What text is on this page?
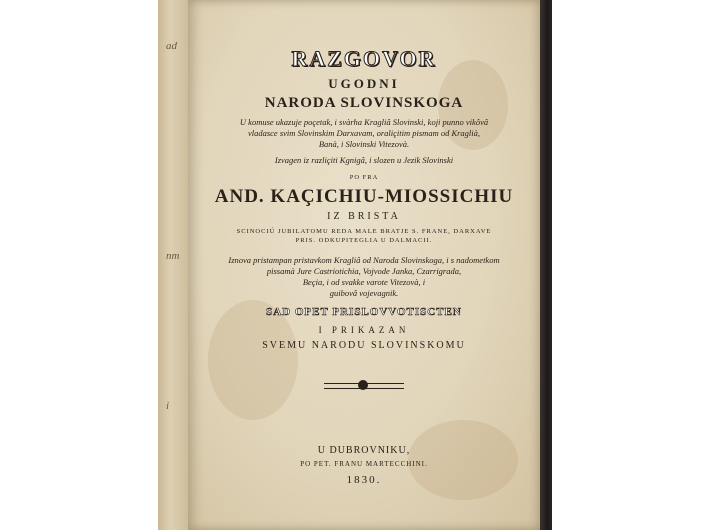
ad
nm
i
RAZGOVOR
UGODNI
NARODA SLOVINSKOGA
U komuse ukazuje poçetak, i svàrha Kragliâ Slovinski, koji punno vikôvâ
vladasce svim Slovinskim Darxavam, oraliçitim pismam od Kraglià,
Banà, i Slovinski Vitezovà.
Izvagen iz razliçiti Kgnigâ, i slozen u Jezik Slovinski
PO FRA
AND. KAÇICHIU-MIOSSICHIU
IZ BRISTA
SCINOCIÚ JUBILATOMU REDA MALE BRATJE S. FRANE, DARXAVE
PRIS. ODKUPITEGLIA U DALMACII.
Iznova pristampan pristavkom Kragliâ od Naroda Slovinskoga, i s nadometkom
pissamà Jure Castriotichia, Vojvode Janka, Czarrigrada,
Beçia, i od svakke varote Vitezovà, i
guibovâ vojevagnik.
SAD OPET PRISLOVVOTISCTEN
I PRIKAZAN
SVEMU NARODU SLOVINSKOMU
U DUBROVNIKU,
PO PET. FRANU MARTECCHINI.
1830.
